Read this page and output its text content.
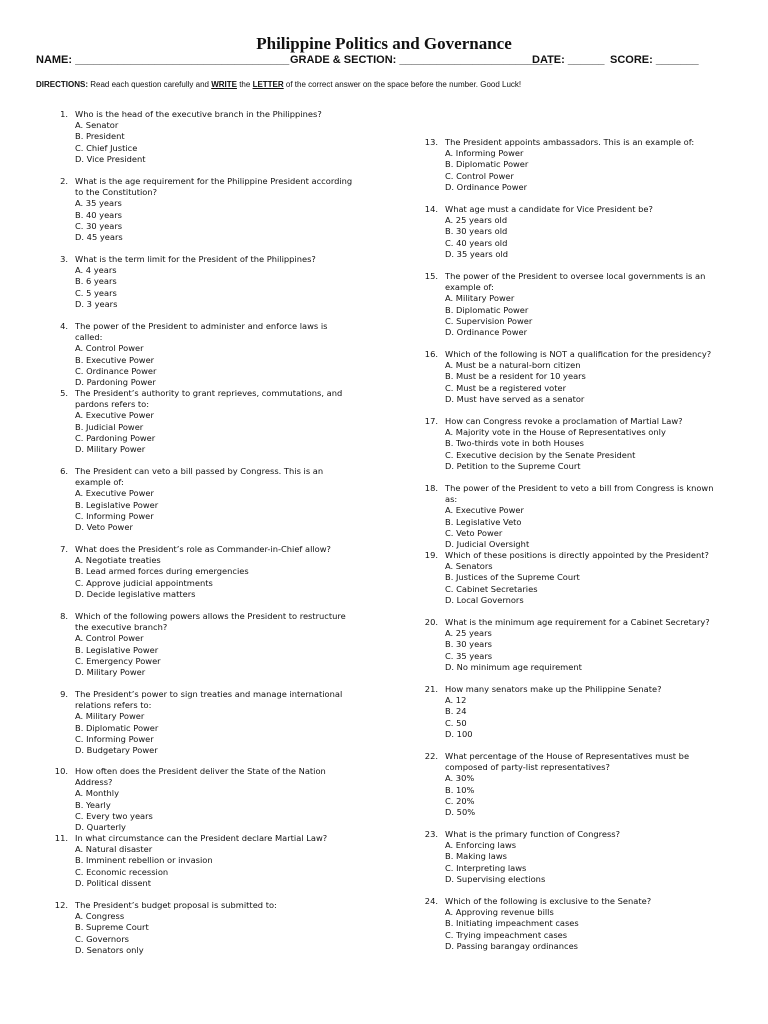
Philippine Politics and Governance
NAME: ___________________________________ GRADE & SECTION: _________________________
DATE: ______ SCORE: _______
DIRECTIONS: Read each question carefully and WRITE the LETTER of the correct answer on the space before the number. Good Luck!
1. Who is the head of the executive branch in the Philippines?
A. Senator
B. President
C. Chief Justice
D. Vice President
2. What is the age requirement for the Philippine President according to the Constitution?
A. 35 years
B. 40 years
C. 30 years
D. 45 years
3. What is the term limit for the President of the Philippines?
A. 4 years
B. 6 years
C. 5 years
D. 3 years
4. The power of the President to administer and enforce laws is called:
A. Control Power
B. Executive Power
C. Ordinance Power
D. Pardoning Power
5. The President’s authority to grant reprieves, commutations, and pardons refers to:
A. Executive Power
B. Judicial Power
C. Pardoning Power
D. Military Power
6. The President can veto a bill passed by Congress. This is an example of:
A. Executive Power
B. Legislative Power
C. Informing Power
D. Veto Power
7. What does the President’s role as Commander-in-Chief allow?
A. Negotiate treaties
B. Lead armed forces during emergencies
C. Approve judicial appointments
D. Decide legislative matters
8. Which of the following powers allows the President to restructure the executive branch?
A. Control Power
B. Legislative Power
C. Emergency Power
D. Military Power
9. The President’s power to sign treaties and manage international relations refers to:
A. Military Power
B. Diplomatic Power
C. Informing Power
D. Budgetary Power
10. How often does the President deliver the State of the Nation Address?
A. Monthly
B. Yearly
C. Every two years
D. Quarterly
11. In what circumstance can the President declare Martial Law?
A. Natural disaster
B. Imminent rebellion or invasion
C. Economic recession
D. Political dissent
12. The President’s budget proposal is submitted to:
A. Congress
B. Supreme Court
C. Governors
D. Senators only
13. The President appoints ambassadors. This is an example of:
A. Informing Power
B. Diplomatic Power
C. Control Power
D. Ordinance Power
14. What age must a candidate for Vice President be?
A. 25 years old
B. 30 years old
C. 40 years old
D. 35 years old
15. The power of the President to oversee local governments is an example of:
A. Military Power
B. Diplomatic Power
C. Supervision Power
D. Ordinance Power
16. Which of the following is NOT a qualification for the presidency?
A. Must be a natural-born citizen
B. Must be a resident for 10 years
C. Must be a registered voter
D. Must have served as a senator
17. How can Congress revoke a proclamation of Martial Law?
A. Majority vote in the House of Representatives only
B. Two-thirds vote in both Houses
C. Executive decision by the Senate President
D. Petition to the Supreme Court
18. The power of the President to veto a bill from Congress is known as:
A. Executive Power
B. Legislative Veto
C. Veto Power
D. Judicial Oversight
19. Which of these positions is directly appointed by the President?
A. Senators
B. Justices of the Supreme Court
C. Cabinet Secretaries
D. Local Governors
20. What is the minimum age requirement for a Cabinet Secretary?
A. 25 years
B. 30 years
C. 35 years
D. No minimum age requirement
21. How many senators make up the Philippine Senate?
A. 12
B. 24
C. 50
D. 100
22. What percentage of the House of Representatives must be composed of party-list representatives?
A. 30%
B. 10%
C. 20%
D. 50%
23. What is the primary function of Congress?
A. Enforcing laws
B. Making laws
C. Interpreting laws
D. Supervising elections
24. Which of the following is exclusive to the Senate?
A. Approving revenue bills
B. Initiating impeachment cases
C. Trying impeachment cases
D. Passing barangay ordinances
